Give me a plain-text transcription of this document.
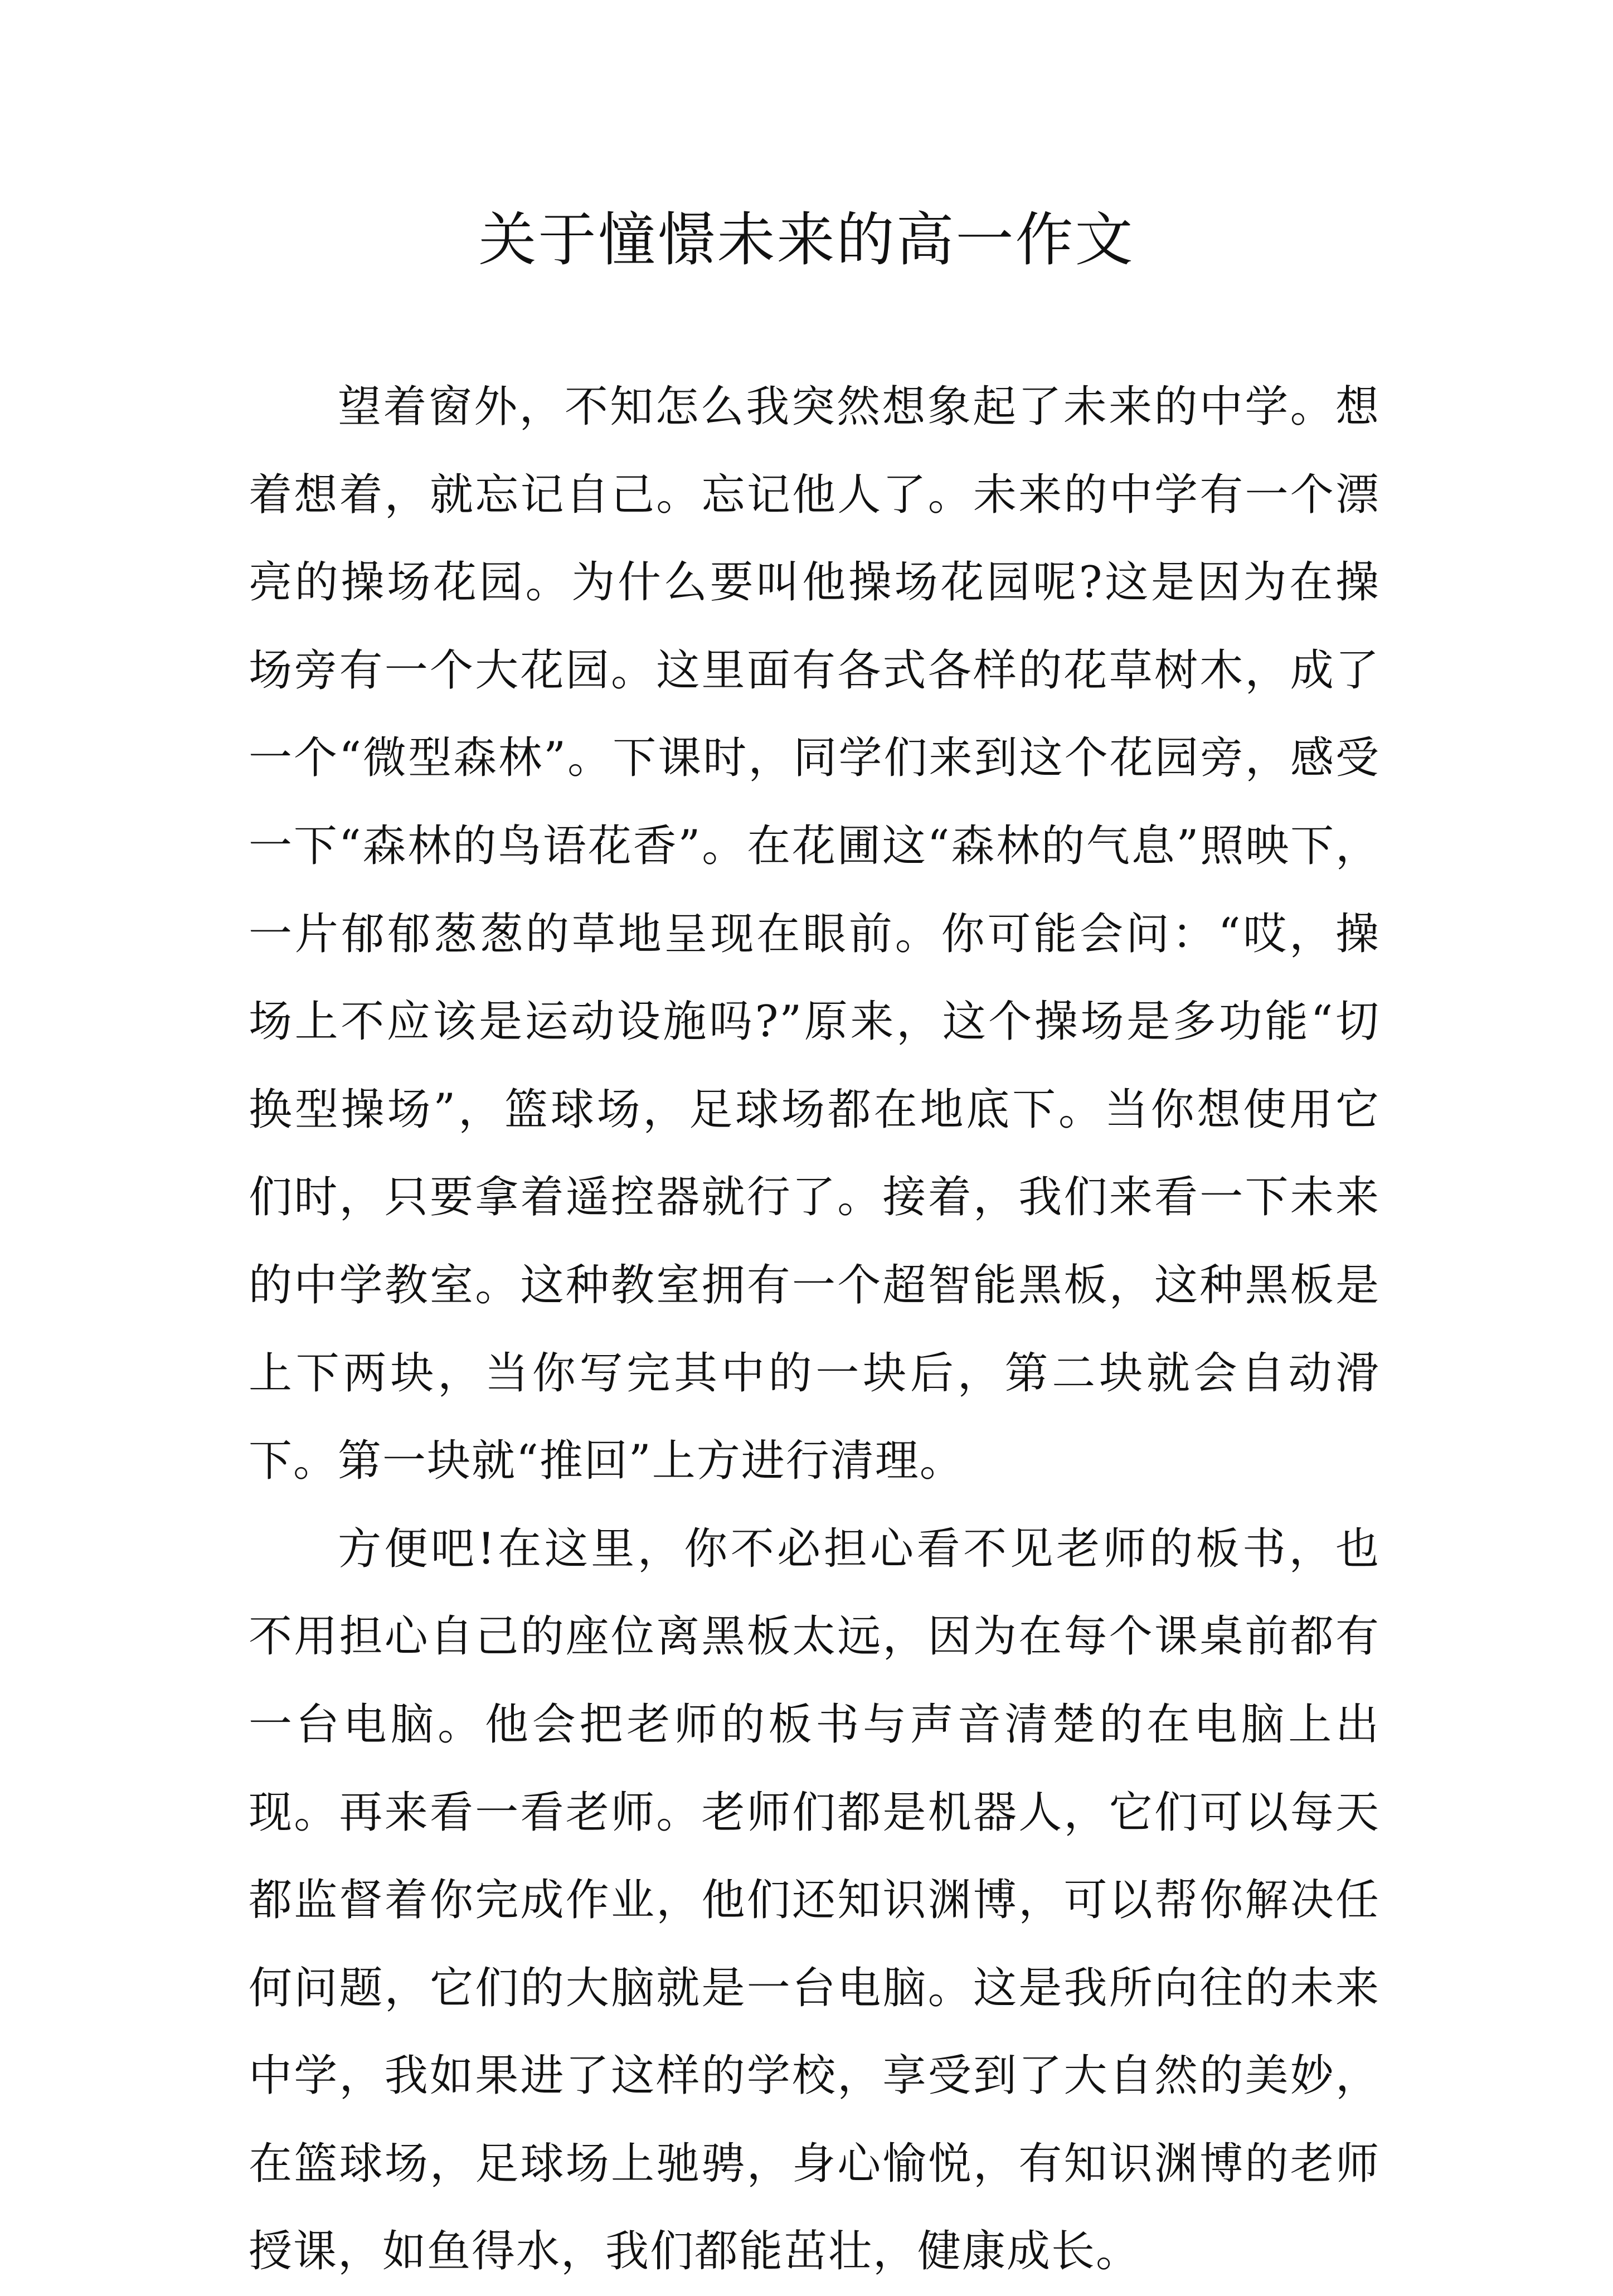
关于憧憬未来的高一作文

望着窗外，不知怎么我突然想象起了未来的中学。想着想着，就忘记自己。忘记他人了。未来的中学有一个漂亮的操场花园。为什么要叫他操场花园呢?这是因为在操场旁有一个大花园。这里面有各式各样的花草树木，成了一个“微型森林”。下课时，同学们来到这个花园旁，感受一下“森林的鸟语花香”。在花圃这“森林的气息”照映下，一片郁郁葱葱的草地呈现在眼前。你可能会问：“哎，操场上不应该是运动设施吗?”原来，这个操场是多功能“切换型操场”，篮球场，足球场都在地底下。当你想使用它们时，只要拿着遥控器就行了。接着，我们来看一下未来的中学教室。这种教室拥有一个超智能黑板，这种黑板是上下两块，当你写完其中的一块后，第二块就会自动滑下。第一块就“推回”上方进行清理。

方便吧!在这里，你不必担心看不见老师的板书，也不用担心自己的座位离黑板太远，因为在每个课桌前都有一台电脑。他会把老师的板书与声音清楚的在电脑上出现。再来看一看老师。老师们都是机器人，它们可以每天都监督着你完成作业，他们还知识渊博，可以帮你解决任何问题，它们的大脑就是一台电脑。这是我所向往的未来中学，我如果进了这样的学校，享受到了大自然的美妙，在篮球场，足球场上驰骋，身心愉悦，有知识渊博的老师授课，如鱼得水，我们都能茁壮，健康成长。
